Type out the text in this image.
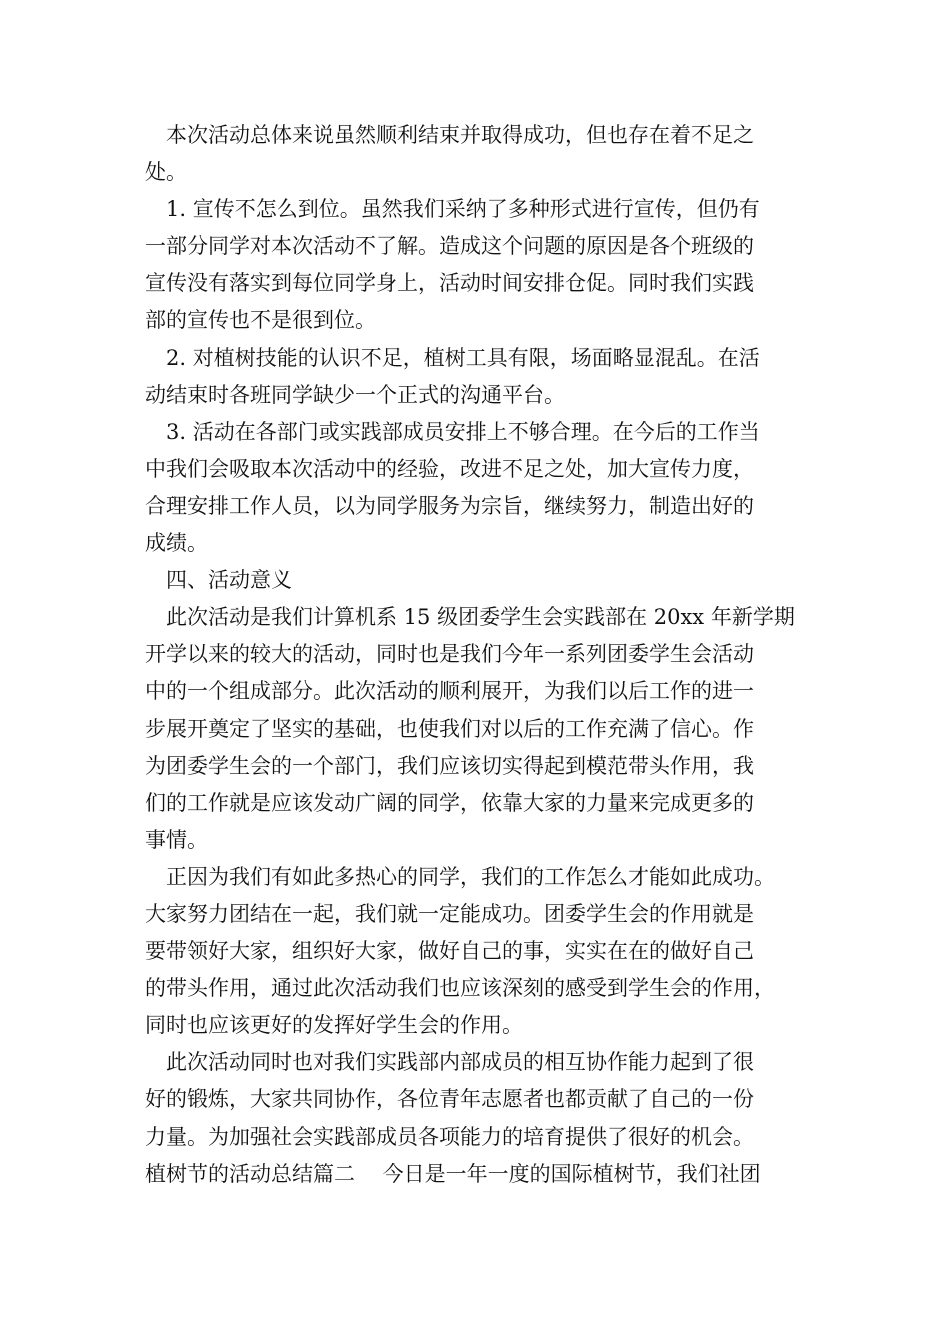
　本次活动总体来说虽然顺利结束并取得成功，但也存在着不足之
处。
　1. 宣传不怎么到位。虽然我们采纳了多种形式进行宣传，但仍有
一部分同学对本次活动不了解。造成这个问题的原因是各个班级的
宣传没有落实到每位同学身上，活动时间安排仓促。同时我们实践
部的宣传也不是很到位。
　2. 对植树技能的认识不足，植树工具有限，场面略显混乱。在活
动结束时各班同学缺少一个正式的沟通平台。
　3. 活动在各部门或实践部成员安排上不够合理。在今后的工作当
中我们会吸取本次活动中的经验，改进不足之处，加大宣传力度，
合理安排工作人员，以为同学服务为宗旨，继续努力，制造出好的
成绩。
　四、活动意义
　此次活动是我们计算机系 15 级团委学生会实践部在 20xx 年新学期
开学以来的较大的活动，同时也是我们今年一系列团委学生会活动
中的一个组成部分。此次活动的顺利展开，为我们以后工作的进一
步展开奠定了坚实的基础，也使我们对以后的工作充满了信心。作
为团委学生会的一个部门，我们应该切实得起到模范带头作用，我
们的工作就是应该发动广阔的同学，依靠大家的力量来完成更多的
事情。
　正因为我们有如此多热心的同学，我们的工作怎么才能如此成功。
大家努力团结在一起，我们就一定能成功。团委学生会的作用就是
要带领好大家，组织好大家，做好自己的事，实实在在的做好自己
的带头作用，通过此次活动我们也应该深刻的感受到学生会的作用，
同时也应该更好的发挥好学生会的作用。
　此次活动同时也对我们实践部内部成员的相互协作能力起到了很
好的锻炼，大家共同协作，各位青年志愿者也都贡献了自己的一份
力量。为加强社会实践部成员各项能力的培育提供了很好的机会。
植树节的活动总结篇二　 今日是一年一度的国际植树节，我们社团
